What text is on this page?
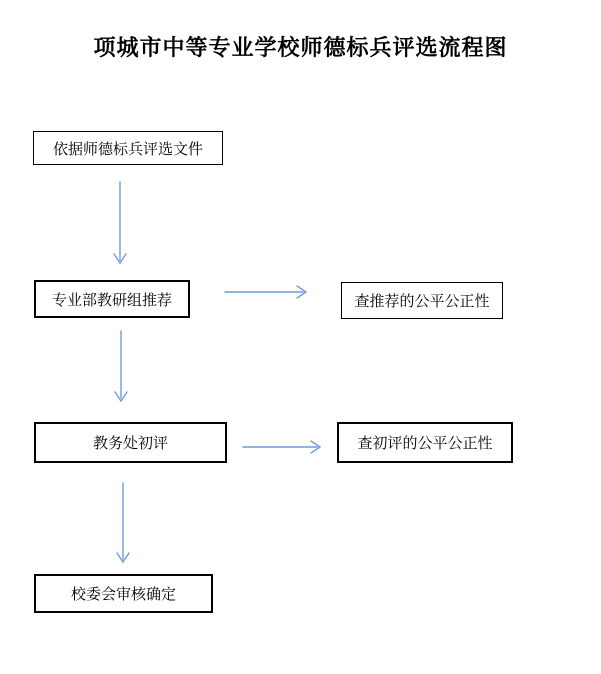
项城市中等专业学校师德标兵评选流程图
依据师德标兵评选文件
专业部教研组推荐	查推荐的公平公正性
教务处初评	查初评的公平公正性
校委会审核确定
